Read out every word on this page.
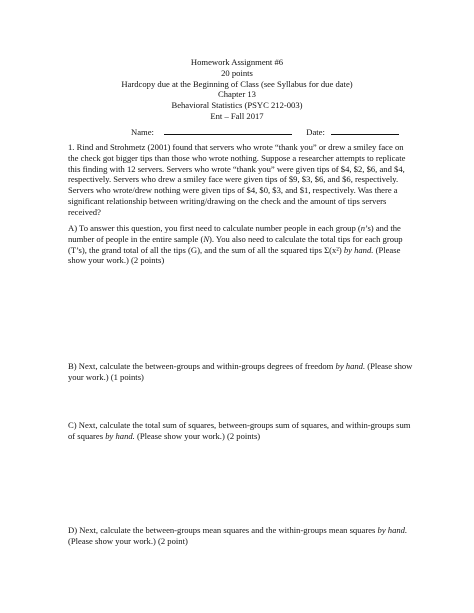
Homework Assignment #6
20 points
Hardcopy due at the Beginning of Class (see Syllabus for due date)
Chapter 13
Behavioral Statistics (PSYC 212-003)
Ent – Fall 2017
Name:	Date:
1. Rind and Strohmetz (2001) found that servers who wrote “thank you” or drew a smiley face on the check got bigger tips than those who wrote nothing. Suppose a researcher attempts to replicate this finding with 12 servers. Servers who wrote “thank you” were given tips of $4, $2, $6, and $4, respectively. Servers who drew a smiley face were given tips of $9, $3, $6, and $6, respectively. Servers who wrote/drew nothing were given tips of $4, $0, $3, and $1, respectively. Was there a significant relationship between writing/drawing on the check and the amount of tips servers received?
A) To answer this question, you first need to calculate number people in each group (n’s) and the number of people in the entire sample (N). You also need to calculate the total tips for each group (T’s), the grand total of all the tips (G), and the sum of all the squared tips Σ(x²) by hand. (Please show your work.) (2 points)
B) Next, calculate the between-groups and within-groups degrees of freedom by hand. (Please show your work.) (1 points)
C) Next, calculate the total sum of squares, between-groups sum of squares, and within-groups sum of squares by hand. (Please show your work.) (2 points)
D) Next, calculate the between-groups mean squares and the within-groups mean squares by hand. (Please show your work.) (2 point)
